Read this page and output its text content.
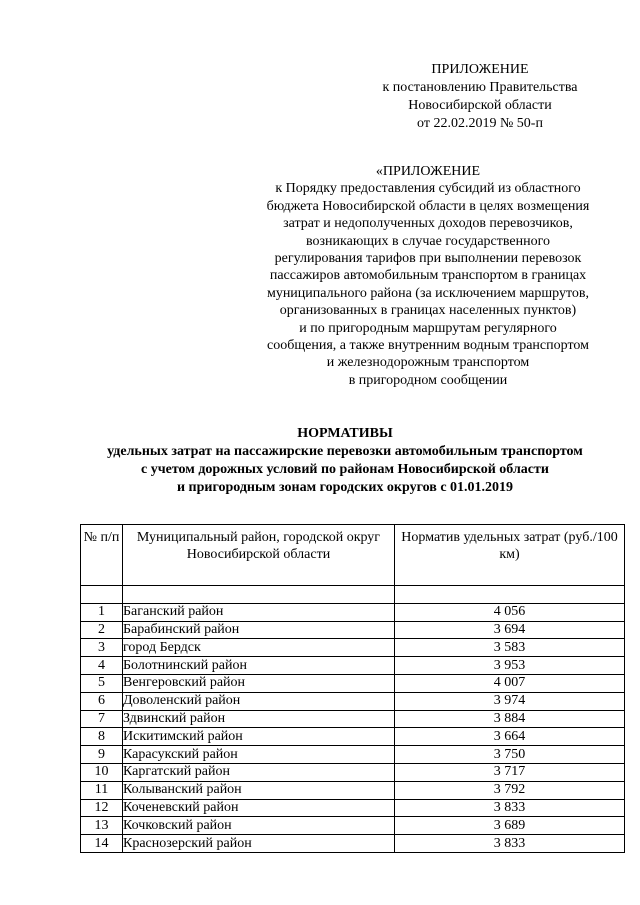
ПРИЛОЖЕНИЕ
к постановлению Правительства
Новосибирской области
от 22.02.2019 № 50-п
«ПРИЛОЖЕНИЕ
к Порядку предоставления субсидий из областного
бюджета Новосибирской области в целях возмещения
затрат и недополученных доходов перевозчиков,
возникающих в случае государственного
регулирования тарифов при выполнении перевозок
пассажиров автомобильным транспортом в границах
муниципального района (за исключением маршрутов,
организованных в границах населенных пунктов)
и по пригородным маршрутам регулярного
сообщения, а также внутренним водным транспортом
и железнодорожным транспортом
в пригородном сообщении
НОРМАТИВЫ
удельных затрат на пассажирские перевозки автомобильным транспортом
с учетом дорожных условий по районам Новосибирской области
и пригородным зонам городских округов с 01.01.2019
№ п/п	Муниципальный район, городской округ Новосибирской области	Норматив удельных затрат (руб./100 км)

1	Баганский район	4 056
2	Барабинский район	3 694
3	город Бердск	3 583
4	Болотнинский район	3 953
5	Венгеровский район	4 007
6	Доволенский район	3 974
7	Здвинский район	3 884
8	Искитимский район	3 664
9	Карасукский район	3 750
10	Каргатский район	3 717
11	Колыванский район	3 792
12	Коченевский район	3 833
13	Кочковский район	3 689
14	Краснозерский район	3 833
